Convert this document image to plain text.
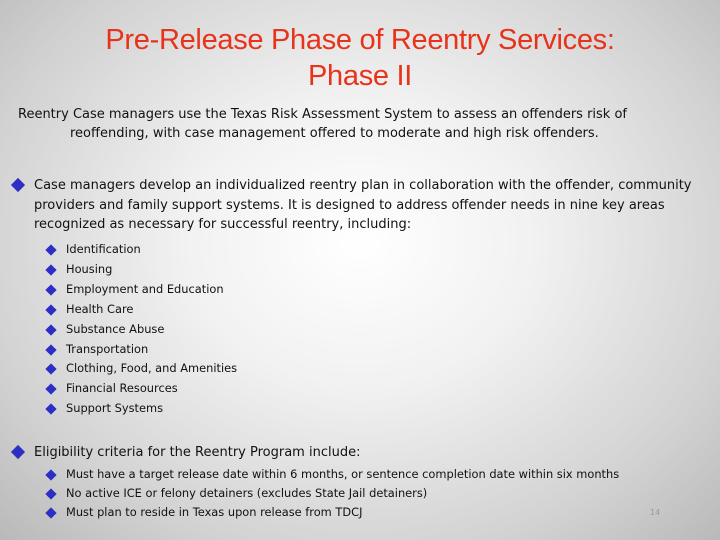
Pre-Release Phase of Reentry Services:
Phase II
Reentry Case managers use the Texas Risk Assessment System to assess an offenders risk of
reoffending, with case management offered to moderate and high risk offenders.
Case managers develop an individualized reentry plan in collaboration with the offender, community providers and family support systems. It is designed to address offender needs in nine key areas recognized as necessary for successful reentry, including:
Identification
Housing
Employment and Education
Health Care
Substance Abuse
Transportation
Clothing, Food, and Amenities
Financial Resources
Support Systems
Eligibility criteria for the Reentry Program include:
Must have a target release date within 6 months, or sentence completion date within six months
No active ICE or felony detainers (excludes State Jail detainers)
Must plan to reside in Texas upon release from TDCJ	14
